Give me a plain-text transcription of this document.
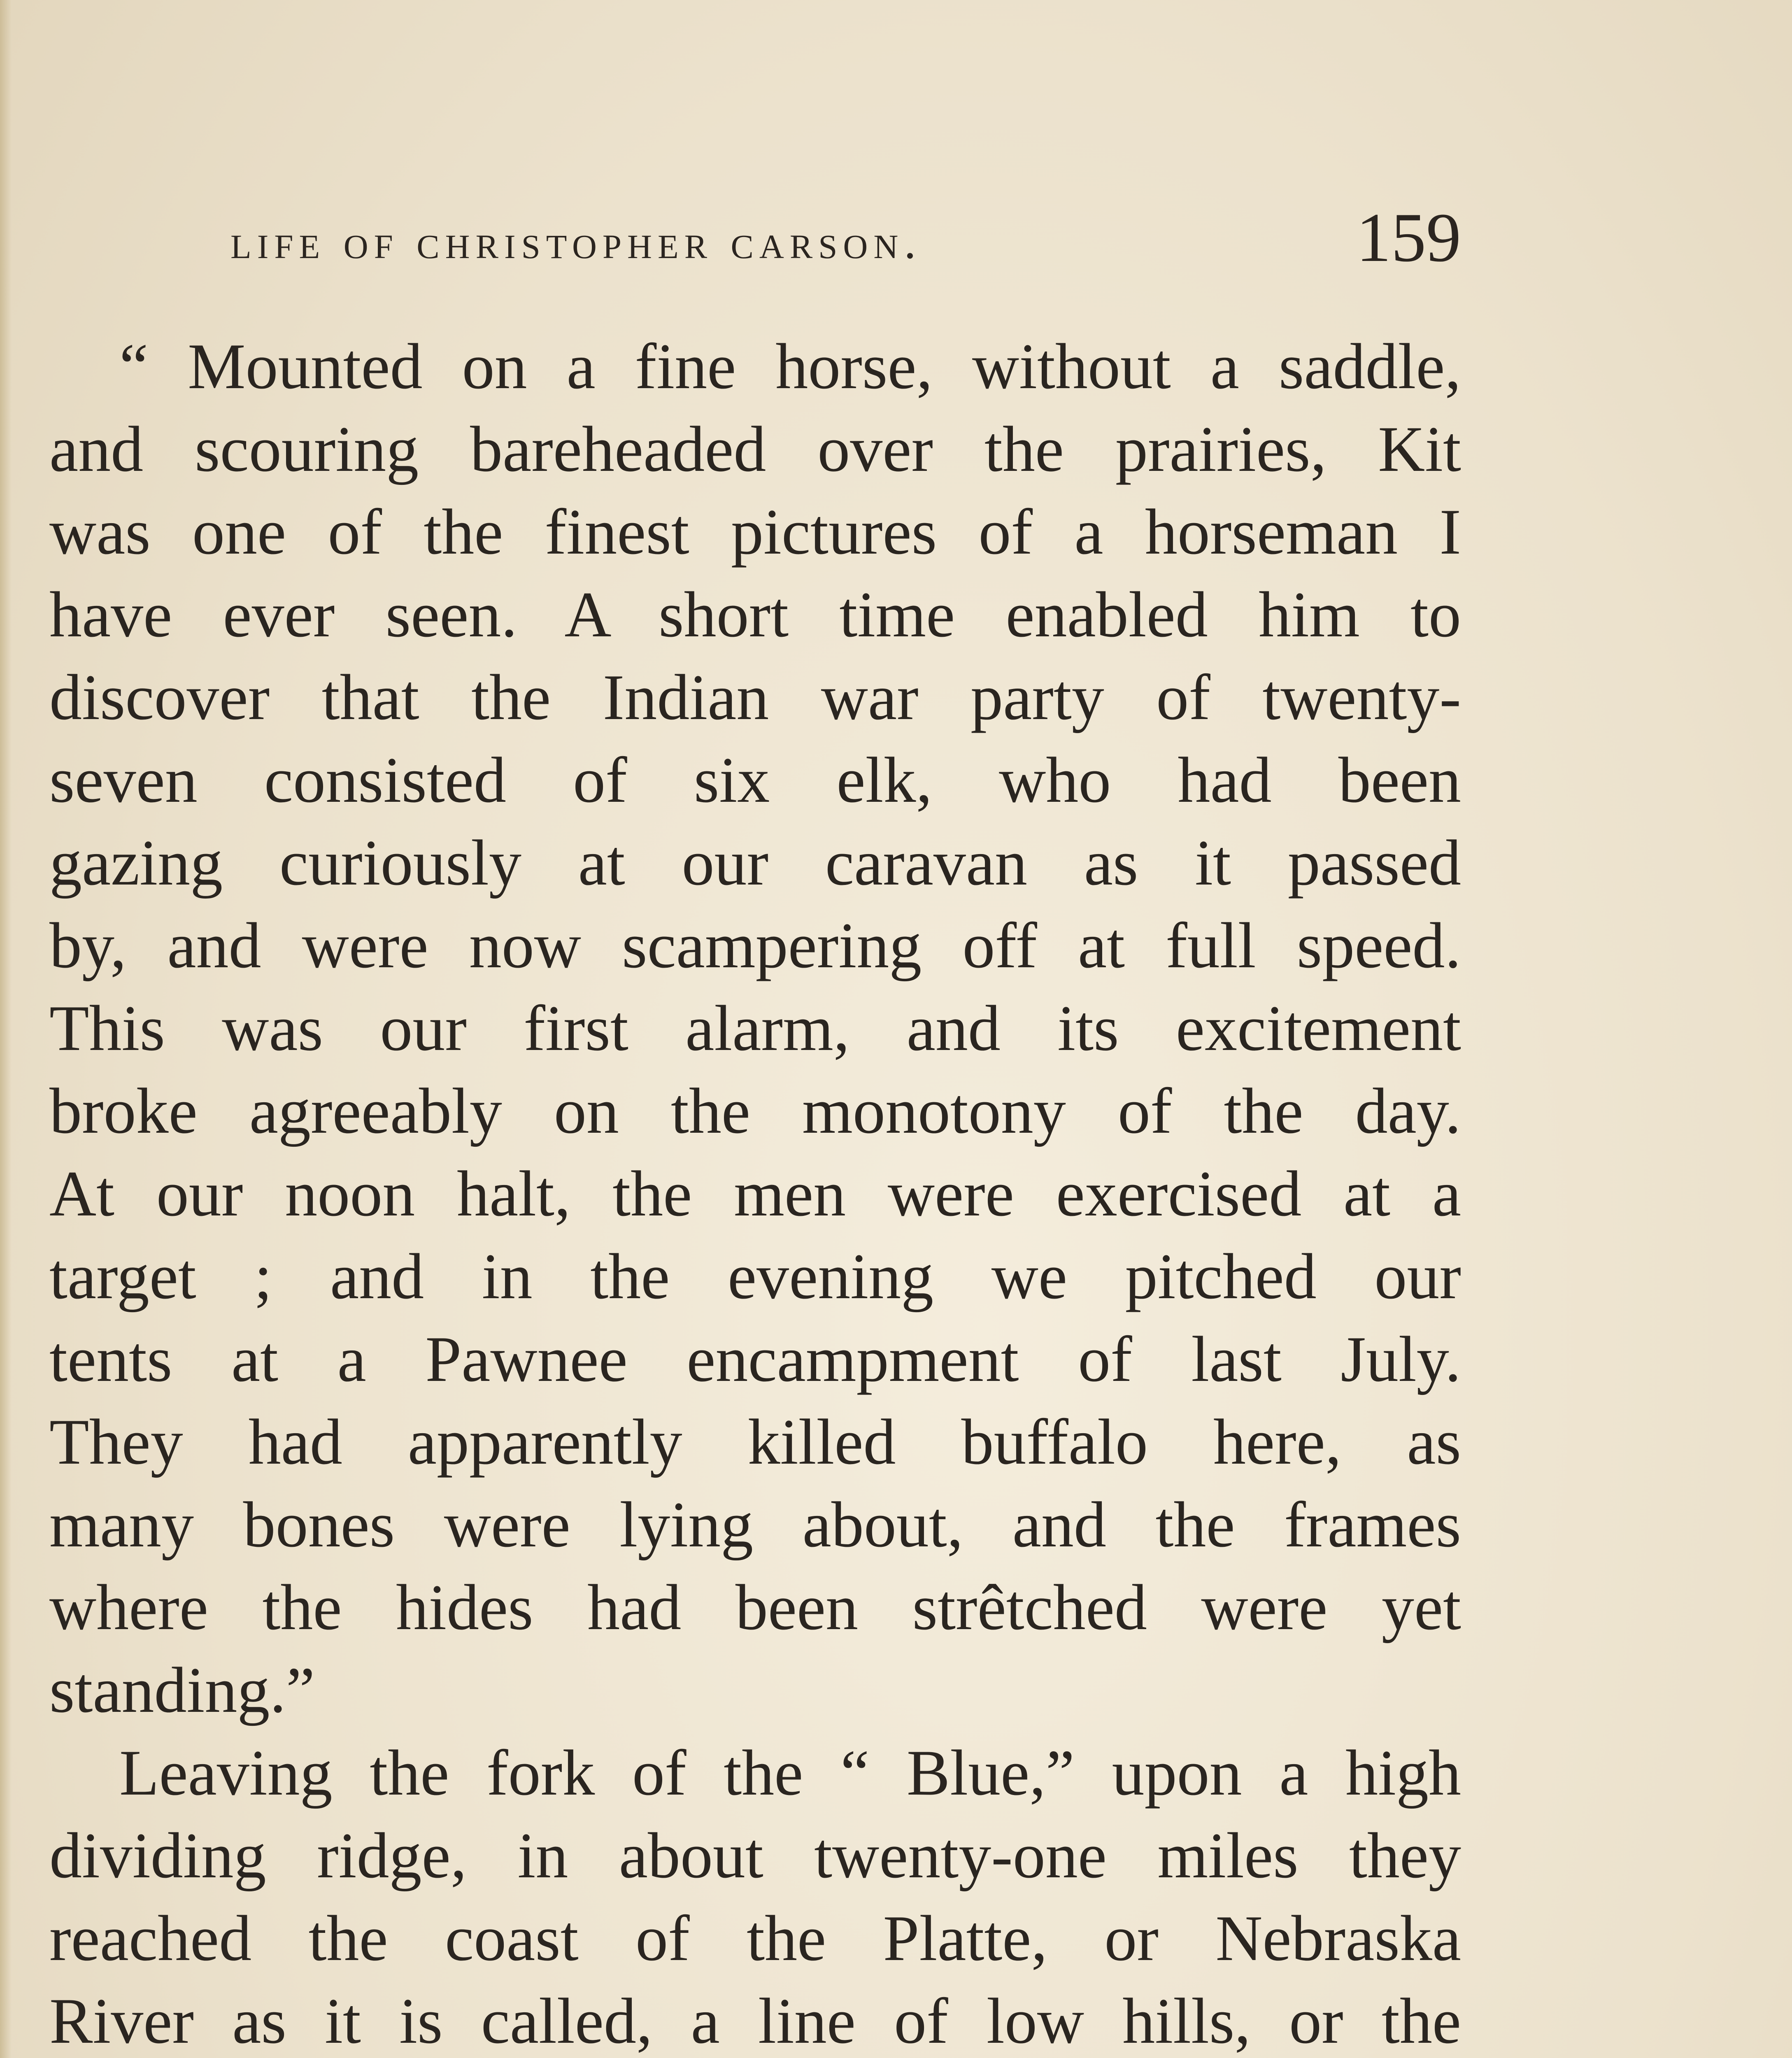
life of christopher carson.	159
“ Mounted on a fine horse, without a saddle,
and scouring bareheaded over the prairies, Kit
was one of the finest pictures of a horseman I
have ever seen. A short time enabled him to
discover that the Indian war party of twenty-
seven consisted of six elk, who had been
gazing curiously at our caravan as it passed
by, and were now scampering off at full speed.
This was our first alarm, and its excitement
broke agreeably on the monotony of the day.
At our noon halt, the men were exercised at a
target ; and in the evening we pitched our
tents at a Pawnee encampment of last July.
They had apparently killed buffalo here, as
many bones were lying about, and the frames
where the hides had been strêtched were yet
standing.”
Leaving the fork of the “ Blue,” upon a high
dividing ridge, in about twenty-one miles they
reached the coast of the Platte, or Nebraska
River as it is called, a line of low hills, or the
